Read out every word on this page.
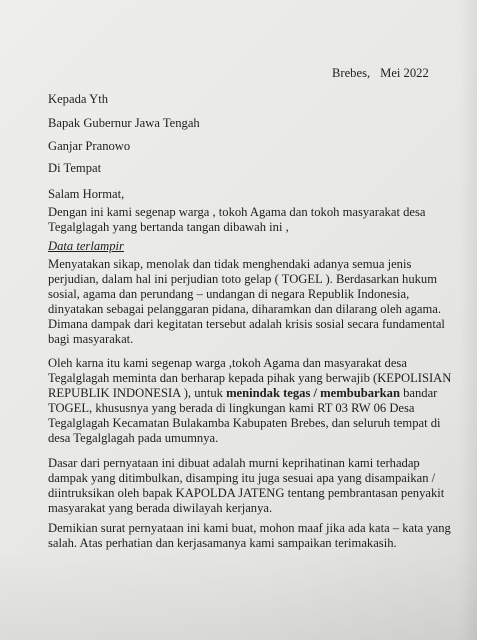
Brebes, Mei 2022
Kepada Yth
Bapak Gubernur Jawa Tengah
Ganjar Pranowo
Di Tempat
Salam Hormat,
Dengan ini kami segenap warga , tokoh Agama dan tokoh masyarakat desa
Tegalglagah yang bertanda tangan dibawah ini ,
Data terlampir
Menyatakan sikap, menolak dan tidak menghendaki adanya semua jenis
perjudian, dalam hal ini perjudian toto gelap ( TOGEL ). Berdasarkan hukum
sosial, agama dan perundang – undangan di negara Republik Indonesia,
dinyatakan sebagai pelanggaran pidana, diharamkan dan dilarang oleh agama.
Dimana dampak dari kegitatan tersebut adalah krisis sosial secara fundamental
bagi masyarakat.
Oleh karna itu kami segenap warga ,tokoh Agama dan masyarakat desa
Tegalglagah meminta dan berharap kepada pihak yang berwajib (KEPOLISIAN
REPUBLIK INDONESIA ), untuk menindak tegas / membubarkan bandar
TOGEL, khususnya yang berada di lingkungan kami RT 03 RW 06 Desa
Tegalglagah Kecamatan Bulakamba Kabupaten Brebes, dan seluruh tempat di
desa Tegalglagah pada umumnya.
Dasar dari pernyataan ini dibuat adalah murni keprihatinan kami terhadap
dampak yang ditimbulkan, disamping itu juga sesuai apa yang disampaikan /
diintruksikan oleh bapak KAPOLDA JATENG tentang pembrantasan penyakit
masyarakat yang berada diwilayah kerjanya.
Demikian surat pernyataan ini kami buat, mohon maaf jika ada kata – kata yang
salah. Atas perhatian dan kerjasamanya kami sampaikan terimakasih.
